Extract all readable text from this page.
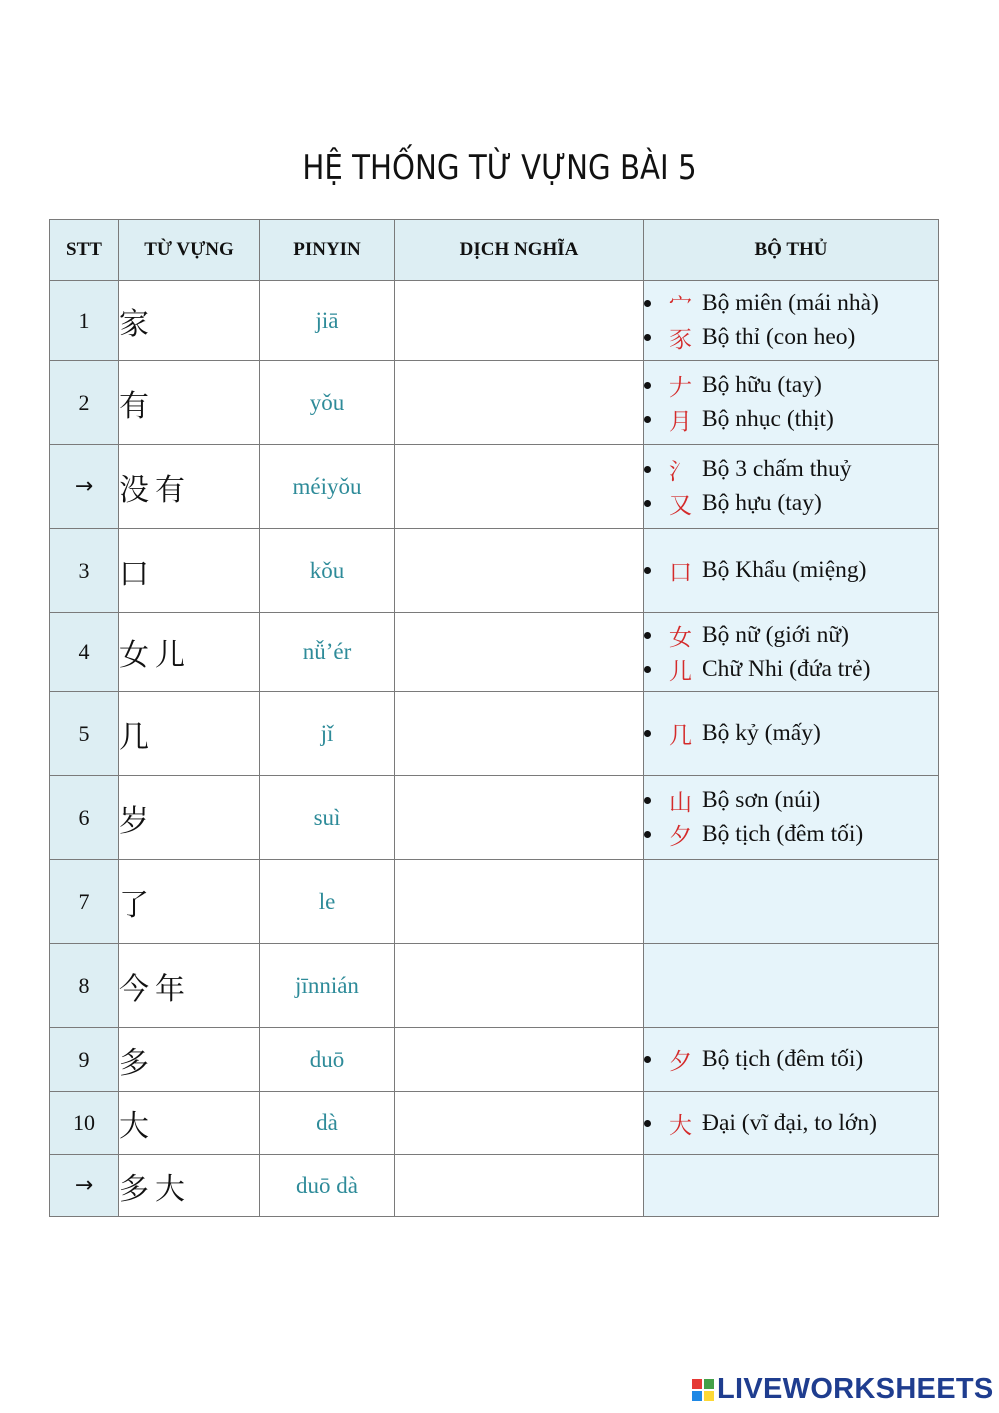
HỆ THỐNG TỪ VỰNG BÀI 5
STT	TỪ VỰNG	PINYIN	DỊCH NGHĨA	BỘ THỦ
1	家	jiā		宀 Bộ miên (mái nhà)
豕 Bộ thỉ (con heo)

2	有	yǒu		𠂇 Bộ hữu (tay)
月 Bộ nhục (thịt)

→	没有	méiyǒu		氵 Bộ 3 chấm thuỷ
又 Bộ hựu (tay)

3	口	kǒu		口 Bộ Khẩu (miệng)

4	女儿	nǚ’ér		女 Bộ nữ (giới nữ)
儿 Chữ Nhi (đứa trẻ)

5	几	jǐ		几 Bộ kỷ (mấy)

6	岁	suì		山 Bộ sơn (núi)
夕 Bộ tịch (đêm tối)

7	了	le		
8	今年	jīnnián		
9	多	duō		夕 Bộ tịch (đêm tối)

10	大	dà		大 Đại (vĩ đại, to lớn)

→	多大	duō dà		
LIVEWORKSHEETS
